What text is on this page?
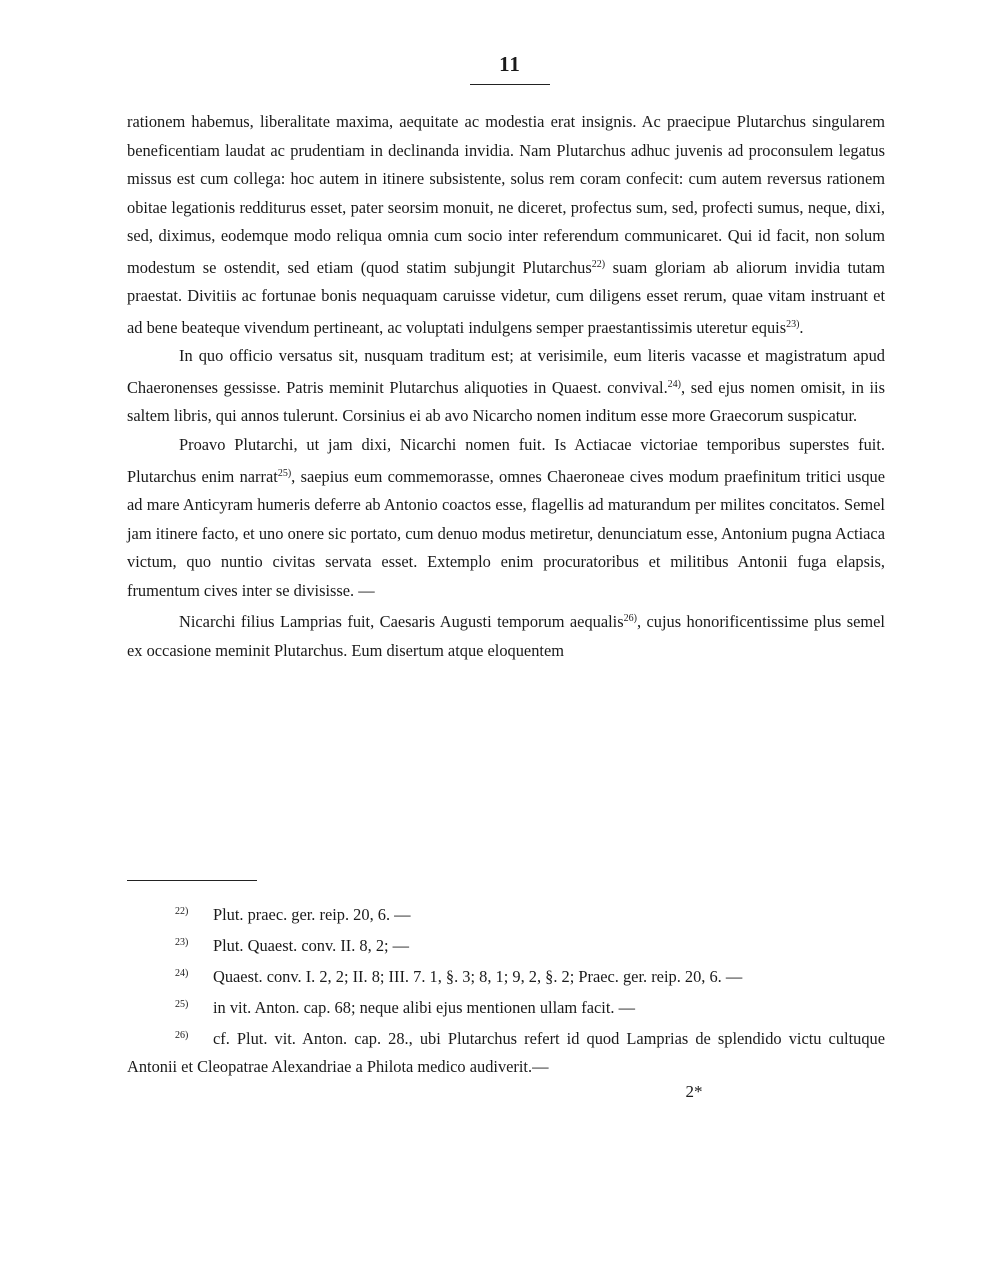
11

rationem habemus, liberalitate maxima, aequitate ac modestia erat insignis. Ac praecipue Plutarchus singularem beneficentiam laudat ac prudentiam in declinanda invidia. Nam Plutarchus adhuc juvenis ad proconsulem legatus missus est cum collega: hoc autem in itinere subsistente, solus rem coram confecit: cum autem reversus rationem obitae legationis redditurus esset, pater seorsim monuit, ne diceret, profectus sum, sed, profecti sumus, neque, dixi, sed, diximus, eodemque modo reliqua omnia cum socio inter referendum communicaret. Qui id facit, non solum modestum se ostendit, sed etiam (quod statim subjungit Plutarchus$^{22)}$ suam gloriam ab aliorum invidia tutam praestat. Divitiis ac fortunae bonis nequaquam caruisse videtur, cum diligens esset rerum, quae vitam instruant et ad bene beateque vivendum pertineant, ac voluptati indulgens semper praestantissimis uteretur equis$^{23)}$.

In quo officio versatus sit, nusquam traditum est; at verisimile, eum literis vacasse et magistratum apud Chaeronenses gessisse. Patris meminit Plutarchus aliquoties in Quaest. convival.$^{24)}$, sed ejus nomen omisit, in iis saltem libris, qui annos tulerunt. Corsinius ei ab avo Nicarcho nomen inditum esse more Graecorum suspicatur.

Proavo Plutarchi, ut jam dixi, Nicarchi nomen fuit. Is Actiacae victoriae temporibus superstes fuit. Plutarchus enim narrat$^{25)}$, saepius eum commemorasse, omnes Chaeroneae cives modum praefinitum tritici usque ad mare Anticyram humeris deferre ab Antonio coactos esse, flagellis ad maturandum per milites concitatos. Semel jam itinere facto, et uno onere sic portato, cum denuo modus metiretur, denunciatum esse, Antonium pugna Actiaca victum, quo nuntio civitas servata esset. Extemplo enim procuratoribus et militibus Antonii fuga elapsis, frumentum cives inter se divisisse. —

Nicarchi filius Lamprias fuit, Caesaris Augusti temporum aequalis$^{26)}$, cujus honorificentissime plus semel ex occasione meminit Plutarchus. Eum disertum atque eloquentem

$^{22)}$ Plut. praec. ger. reip. 20, 6. —

$^{23)}$ Plut. Quaest. conv. II. 8, 2; —

$^{24)}$ Quaest. conv. I. 2, 2; II. 8; III. 7. 1, §. 3; 8, 1; 9, 2, §. 2; Praec. ger. reip. 20, 6. —

$^{25)}$ in vit. Anton. cap. 68; neque alibi ejus mentionen ullam facit. —

$^{26)}$ cf. Plut. vit. Anton. cap. 28., ubi Plutarchus refert id quod Lamprias de splendido victu cultuque Antonii et Cleopatrae Alexandriae a Philota medico audiverit.—

2*
